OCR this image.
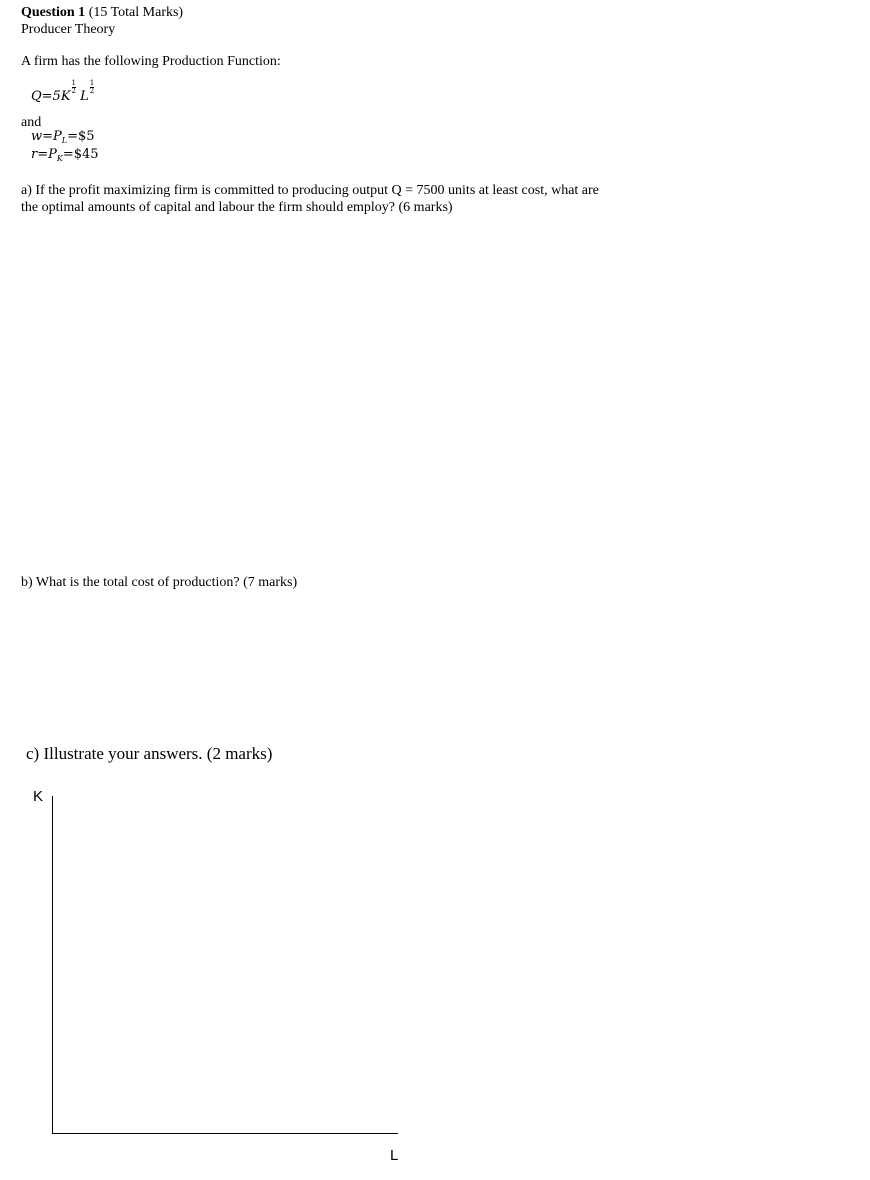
Question 1 (15 Total Marks)
Producer Theory
A firm has the following Production Function:
Q=5K
$\frac{1}{2}$
L
$\frac{1}{2}$
and
$w=P_L=\$5$
$r=P_K=\$45$
a) If the profit maximizing firm is committed to producing output Q = 7500 units at least cost, what are
the optimal amounts of capital and labour the firm should employ? (6 marks)
b) What is the total cost of production? (7 marks)
c) Illustrate your answers. (2 marks)
K
L
